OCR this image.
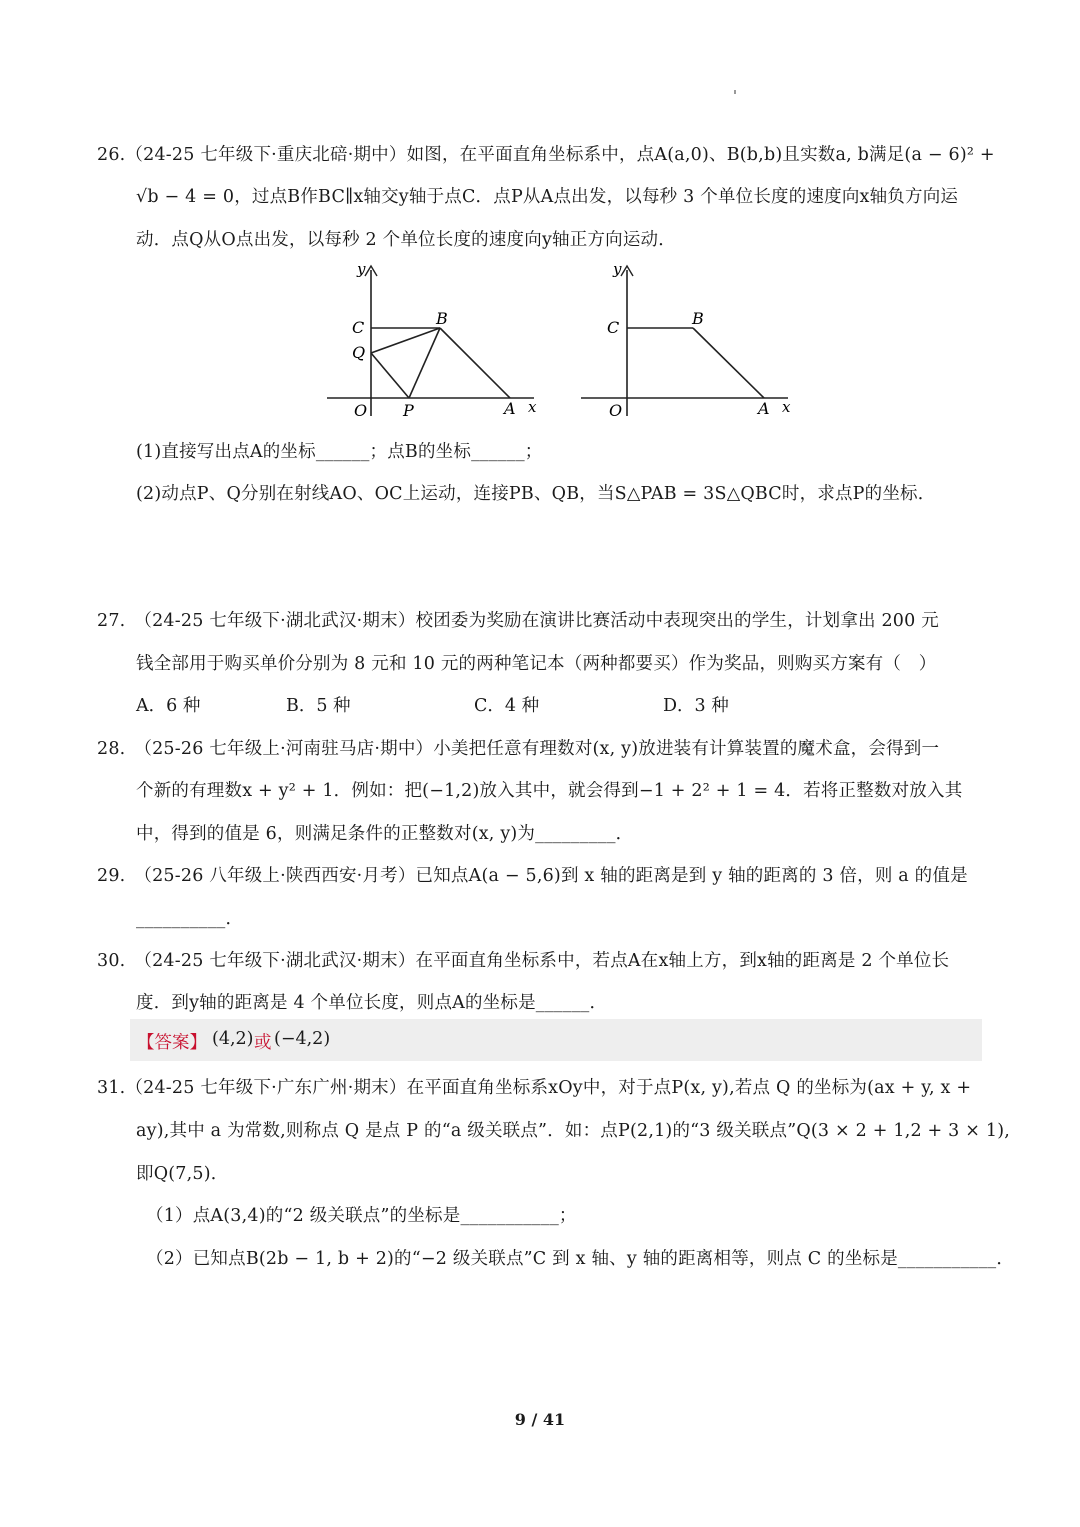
26.（24-25 七年级下·重庆北碚·期中）如图，在平面直角坐标系中，点A(a,0)、B(b,b)且实数a, b满足(a − 6)² +
√b − 4 = 0，过点B作BC∥x轴交y轴于点C．点P从A点出发，以每秒 3 个单位长度的速度向x轴负方向运
动．点Q从O点出发，以每秒 2 个单位长度的速度向y轴正方向运动．
y
C
Q
B
O P	A x
y
C	B
O	A x
(1)直接写出点A的坐标______；点B的坐标______；
(2)动点P、Q分别在射线AO、OC上运动，连接PB、QB，当S△PAB = 3S△QBC时，求点P的坐标．
27.　（24-25 七年级下·湖北武汉·期末）校团委为奖励在演讲比赛活动中表现突出的学生，计划拿出 200 元
钱全部用于购买单价分别为 8 元和 10 元的两种笔记本（两种都要买）作为奖品，则购买方案有（　）
A．6 种	B．5 种	C．4 种	D．3 种
28.　（25-26 七年级上·河南驻马店·期中）小美把任意有理数对(x, y)放进装有计算装置的魔术盒，会得到一
个新的有理数x + y² + 1．例如：把(−1,2)放入其中，就会得到−1 + 2² + 1 = 4．若将正整数对放入其
中，得到的值是 6，则满足条件的正整数对(x, y)为_________．
29.　（25-26 八年级上·陕西西安·月考）已知点A(a − 5,6)到 x 轴的距离是到 y 轴的距离的 3 倍，则 a 的值是
__________．
30.　（24-25 七年级下·湖北武汉·期末）在平面直角坐标系中，若点A在x轴上方，到x轴的距离是 2 个单位长
度．到y轴的距离是 4 个单位长度，则点A的坐标是______．
【答案】 (4,2) 或 (−4,2)
31.（24-25 七年级下·广东广州·期末）在平面直角坐标系xOy中，对于点P(x, y),若点 Q 的坐标为(ax + y, x +
ay),其中 a 为常数,则称点 Q 是点 P 的“a 级关联点”．如：点P(2,1)的“3 级关联点”Q(3 × 2 + 1,2 + 3 × 1),
即Q(7,5)．
（1）点A(3,4)的“2 级关联点”的坐标是___________；
（2）已知点B(2b − 1, b + 2)的“−2 级关联点”C 到 x 轴、y 轴的距离相等，则点 C 的坐标是___________．
9 / 41
